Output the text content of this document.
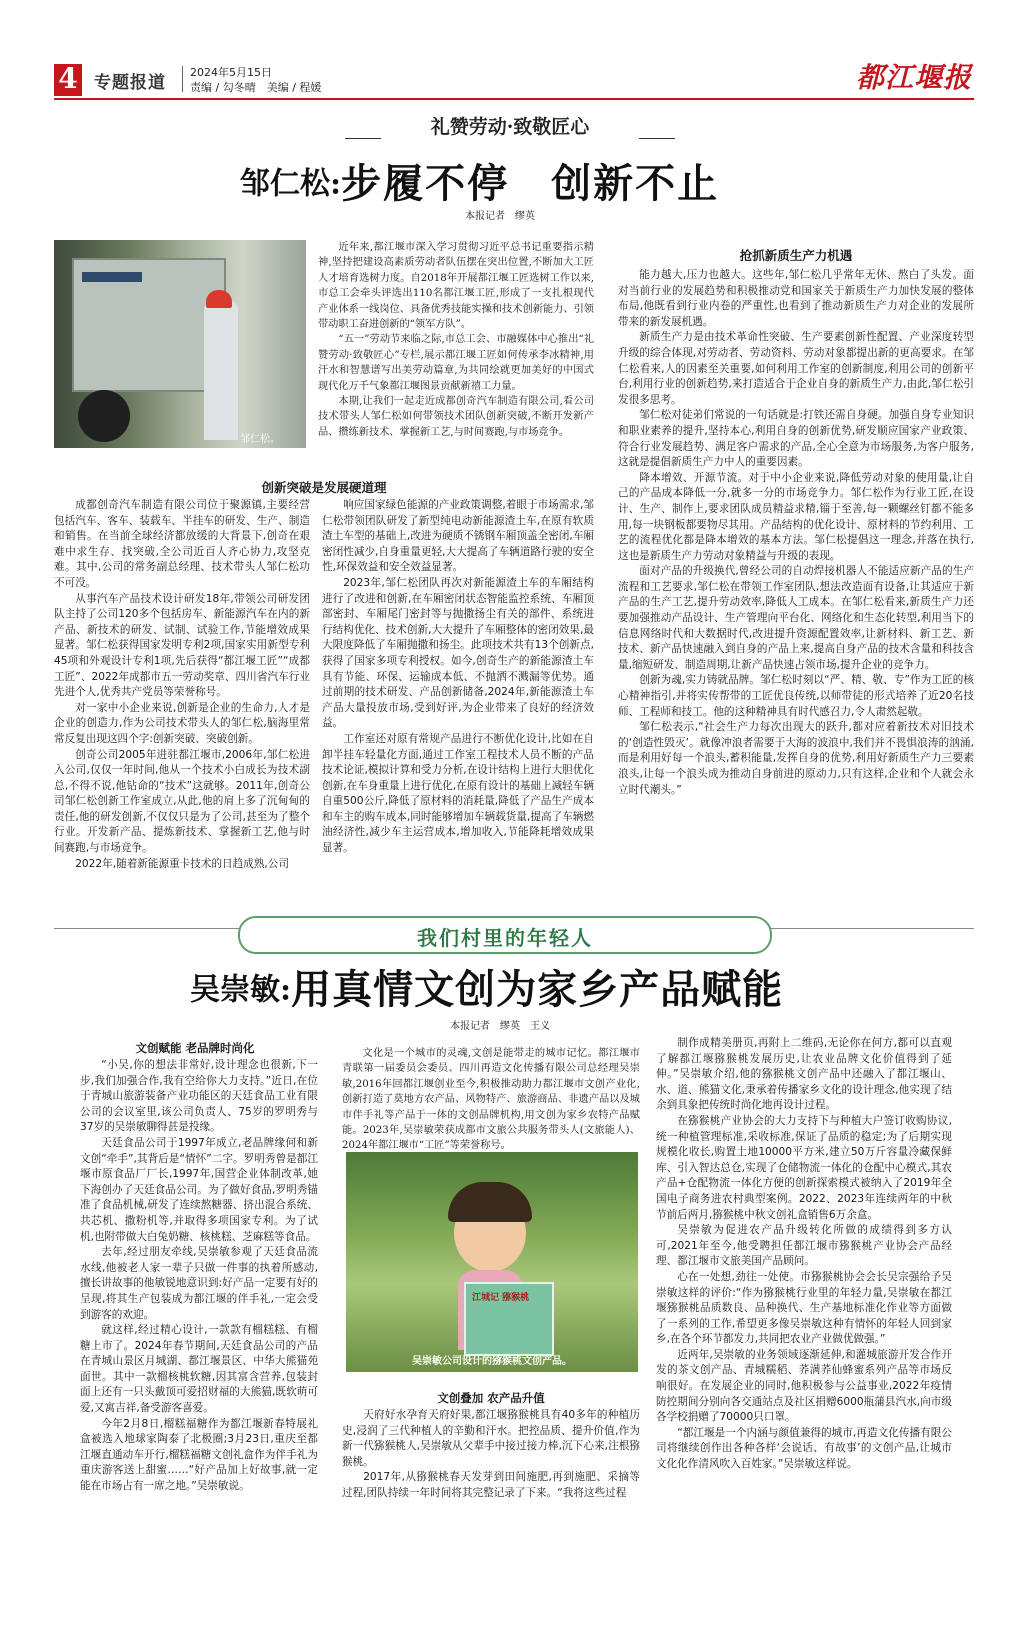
4 专题报道
2024年5月15日
责编 / 勾冬晴　美编 / 程媛	都江堰报
礼赞劳动·致敬匠心
邹仁松:步履不停　创新不止
本报记者　缪英
邹仁松。

近年来,都江堰市深入学习贯彻习近平总书记重要指示精神,坚持把建设高素质劳动者队伍摆在突出位置,不断加大工匠人才培育选树力度。自2018年开展都江堰工匠选树工作以来,市总工会牵头评选出110名都江堰工匠,形成了一支扎根现代产业体系一线岗位、具备优秀技能实操和技术创新能力、引领带动职工奋进创新的“领军方队”。

“五一”劳动节来临之际,市总工会、市融媒体中心推出“礼赞劳动·致敬匠心”专栏,展示都江堰工匠如何传承李冰精神,用汗水和智慧谱写出美劳动篇章,为共同绘就更加美好的中国式现代化万千气象都江堰图景贡献新禧工力量。

本期,让我们一起走近成都创奇汽车制造有限公司,看公司技术带头人邹仁松如何带领技术团队创新突破,不断开发新产品、攒练新技术、掌握新工艺,与时间赛跑,与市场竞争。

创新突破是发展硬道理

成都创奇汽车制造有限公司位于聚源镇,主要经营包括汽车、客车、装载车、半挂车的研发、生产、制造和销售。在当前全球经济都放缓的大背景下,创奇在艰难中求生存、找突破,全公司近百人齐心协力,攻坚克难。其中,公司的常务副总经理、技术带头人邹仁松功不可没。

从事汽车产品技术设计研发18年,带领公司研发团队主持了公司120多个包括房车、新能源汽车在内的新产品、新技术的研发、试制、试验工作,节能增效成果显著。邹仁松获得国家发明专利2项,国家实用新型专利45项和外观设计专利1项,先后获得“都江堰工匠”“成都工匠”、2022年成都市五一劳动奖章、四川省汽车行业先进个人,优秀共产党员等荣誉称号。

对一家中小企业来说,创新是企业的生命力,人才是企业的创造力,作为公司技术带头人的邹仁松,脑海里常常反复出现这四个字:创新突破、突破创新。

创奇公司2005年进驻都江堰市,2006年,邹仁松进入公司,仅仅一年时间,他从一个技术小白成长为技术副总,不得不说,他钻命的“技术”这就够。2011年,创奇公司邹仁松创新工作室成立,从此,他的肩上多了沉甸甸的责任,他的研发创新,不仅仅只是为了公司,甚至为了整个行业。开发新产品、提炼新技术、掌握新工艺,他与时间赛跑,与市场竞争。

2022年,随着新能源重卡技术的日趋成熟,公司

响应国家绿色能源的产业政策调整,着眼于市场需求,邹仁松带领团队研发了新型纯电动新能源渣土车,在原有软质渣土车型的基础上,改进为硬质不锈钢车厢顶盖全密闭,车厢密闭性减少,自身重量更轻,大大提高了车辆道路行驶的安全性,环保效益和安全效益显著。

2023年,邹仁松团队再次对新能源渣土车的车厢结构进行了改进和创新,在车厢密闭状态智能监控系统、车厢顶部密封、车厢尾门密封等与抛撒扬尘有关的部件、系统进行结构优化、技术创新,大大提升了车厢整体的密闭效果,最大限度降低了车厢抛撒和扬尘。此项技术共有13个创新点,获得了国家多项专利授权。如今,创奇生产的新能源渣土车具有节能、环保、运输成本低、不抛洒不溅漏等优势。通过前期的技术研发、产品创新储备,2024年,新能源渣土车产品大量投放市场,受到好评,为企业带来了良好的经济效益。

工作室还对原有常规产品进行不断优化设计,比如在自卸半挂车轻量化方面,通过工作室工程技术人员不断的产品技术论证,模拟计算和受力分析,在设计结构上进行大胆优化创新,在车身重量上进行优化,在原有设计的基础上减轻车辆自重500公斤,降低了原材料的消耗量,降低了产品生产成本和车主的购车成本,同时能够增加车辆载货量,提高了车辆燃油经济性,减少车主运营成本,增加收入,节能降耗增效成果显著。

抢抓新质生产力机遇

能力越大,压力也越大。这些年,邹仁松几乎常年无休、熬白了头发。面对当前行业的发展趋势和积极推动党和国家关于新质生产力加快发展的整体布局,他既看到行业内卷的严重性,也看到了推动新质生产力对企业的发展所带来的新发展机遇。

新质生产力是由技术革命性突破、生产要素创新性配置、产业深度转型升级的综合体现,对劳动者、劳动资料、劳动对象都提出新的更高要求。在邹仁松看来,人的因素至关重要,如何利用工作室的创新制度,利用公司的创新平台,利用行业的创新趋势,来打造适合于企业自身的新质生产力,由此,邹仁松引发很多思考。

邹仁松对徒弟们常说的一句话就是:打铁还需自身硬。加强自身专业知识和职业素养的提升,坚持本心,利用自身的创新优势,研发顺应国家产业政策、符合行业发展趋势、满足客户需求的产品,全心全意为市场服务,为客户服务,这就是提倡新质生产力中人的重要因素。

降本增效、开源节流。对于中小企业来说,降低劳动对象的使用量,让自己的产品成本降低一分,就多一分的市场竞争力。邹仁松作为行业工匠,在设计、生产、制作上,要求团队成员精益求精,锱于至善,每一颗螺丝钉都不能多用,每一块钢板都要物尽其用。产品结构的优化设计、原材料的节约利用、工艺的流程优化都是降本增效的基本方法。邹仁松提倡这一理念,并落在执行,这也是新质生产力劳动对象精益与升级的表现。

面对产品的升级换代,曾经公司的自动焊接机器人不能适应新产品的生产流程和工艺要求,邹仁松在带领工作室团队,想法改造面有设备,让其适应于新产品的生产工艺,提升劳动效率,降低人工成本。在邹仁松看来,新质生产力还要加强推动产品设计、生产管理向平台化、网络化和生态化转型,利用当下的信息网络时代和大数据时代,改进提升资源配置效率,让新材料、新工艺、新技术、新产品快速融入到自身的产品上来,提高自身产品的技术含量和科技含量,缩短研发、制造周期,让新产品快速占领市场,提升企业的竞争力。

创新为魂,实力铸就品牌。邹仁松时刻以“严、精、敬、专”作为工匠的核心精神指引,并将实传帮带的工匠优良传统,以师带徒的形式培养了近20名技师、工程师和技工。他的这种精神具有时代感召力,令人肃然起敬。

邹仁松表示,“社会生产力每次出现大的跃升,都对应着新技术对旧技术的‘创造性毁灭’。就像冲浪者需要于大海的波浪中,我们并不畏惧浪涛的汹涌,而是利用好每一个浪头,蓄积能量,发挥自身的优势,利用好新质生产力三要素浪头,让每一个浪头成为推动自身前进的原动力,只有这样,企业和个人就会永立时代潮头。”

我们村里的年轻人
吴崇敏:用真情文创为家乡产品赋能
本报记者　缪英　王义
文创赋能 老品牌时尚化

“小吴,你的想法非常好,设计理念也很新,下一步,我们加强合作,我有空给你大力支持。”近日,在位于青城山旅游装备产业功能区的天廷食品工业有限公司的会议室里,该公司负责人、75岁的罗明秀与37岁的吴崇敏聊得甚是投缘。

天廷食品公司于1997年成立,老品牌缘何和新文创“牵手”,其背后是“情怀”二字。罗明秀曾是都江堰市原食品厂厂长,1997年,国营企业体制改革,她下海创办了天廷食品公司。为了做好食品,罗明秀锚准了食品机械,研发了连续熬糖器、挤出混合系统、共芯机、撒粉机等,并取得多项国家专利。为了试机,也附带做大白兔奶糖、核桃糕、芝麻糕等食品。

去年,经过朋友牵线,吴崇敏参观了天廷食品流水线,他被老人家一辈子只做一件事的执着所感动,擅长讲故事的他敏锐地意识到:好产品一定要有好的呈现,将其生产包装成为都江堰的伴手礼,一定会受到游客的欢迎。

就这样,经过精心设计,一款款有榴糕糕、有榴糖上市了。2024年春节期间,天廷食品公司的产品在青城山景区月城湖、都江堰景区、中华大熊猫苑面世。其中一款榴核桃软糖,因其富含营养,包装封面上还有一只头戴顶可爱招财福的大熊猫,既软萌可爱,又寓吉祥,备受游客喜爱。

今年2月8日,榴糕福糖作为都江堰新春特展礼盒被选入地球家陶泰了北极圈;3月23日,重庆至都江堰直通动车开行,榴糕福糖文创礼盒作为伴手礼为重庆游客送上甜蜜……“好产品加上好故事,就一定能在市场占有一席之地。”吴崇敏说。

文化是一个城市的灵魂,文创是能带走的城市记忆。都江堰市青联第一届委员会委员、四川再造文化传播有限公司总经理吴崇敏,2016年回都江堰创业至今,积极推动助力都江堰市文创产业化,创新打造了莫地方农产品、风物特产、旅游商品、非遗产品以及城市伴手礼等产品于一体的文创品牌机构,用文创为家乡农特产品赋能。2023年,吴崇敏荣获成都市文旅公共服务带头人(文旅能人)、2024年都江堰市“工匠”等荣誉称号。

江城记 猕猴桃
吴崇敏公司设计的猕猴桃文创产品。
文创叠加 农产品升值

天府好水孕育天府好果,都江堰猕猴桃具有40多年的种植历史,浸润了三代种植人的辛勤和汗水。把控品质、提升价值,作为新一代猕猴桃人,吴崇敏从父辈手中接过接力棒,沉下心来,注根猕猴桃。

2017年,从猕猴桃春天发芽到田间施肥,再到施肥、采摘等过程,团队持续一年时间将其完整记录了下来。“我将这些过程

制作成精美册页,再附上二维码,无论你在何方,都可以直观了解都江堰猕猴桃发展历史,让农业品牌文化价值得到了延伸。”吴崇敏介绍,他的猕猴桃文创产品中还融入了都江堰山、水、道、熊猫文化,秉承着传播家乡文化的设计理念,他实现了结余到具象把传统时尚化地再设计过程。

在猕猴桃产业协会的大力支持下与种植大户签订收购协议,统一种植管理标准,采收标准,保证了品质的稳定;为了后期实现规模化收长,购置土地10000平方米,建立50万斤容量冷藏保鲜库、引入智达总仓,实现了仓储物流一体化的仓配中心模式,其农产品+仓配物流一体化方便的创新探索模式被纳入了2019年全国电子商务进农村典型案例。2022、2023年连续两年的中秋节前后两月,猕猴桃中秋文创礼盒销售6万余盒。

吴崇敏为促进农产品升级转化所做的成绩得到多方认可,2021年至今,他受聘担任都江堰市猕猴桃产业协会产品经理、都江堰市文旅美国产品顾问。

心在一处想,劲往一处使。市猕猴桃协会会长吴宗强给予吴崇敏这样的评价:“作为猕猴桃行业里的年轻力量,吴崇敏在都江堰猕猴桃品质数良、品种换代、生产基地标准化作业等方面做了一系列的工作,希望更多像吴崇敏这种有情怀的年轻人回到家乡,在各个环节都发力,共同把农业产业做优做强。”

近两年,吴崇敏的业务领域逐渐延伸,和灌城旅游开发合作开发的茶文创产品、青城糯稻、荞满荞仙蜂蜜系列产品等市场反响很好。在发展企业的同时,他积极参与公益事业,2022年疫情防控期间分别向各交通站点及社区捐赠6000瓶蒲县汽水,向市级各学校捐赠了70000只口罩。

“都江堰是一个内涵与颜值兼得的城市,再造文化传播有限公司将继续创作出各种各样‘会说话、有故事’的文创产品,让城市文化化作清风吹入百姓家。”吴崇敏这样说。
